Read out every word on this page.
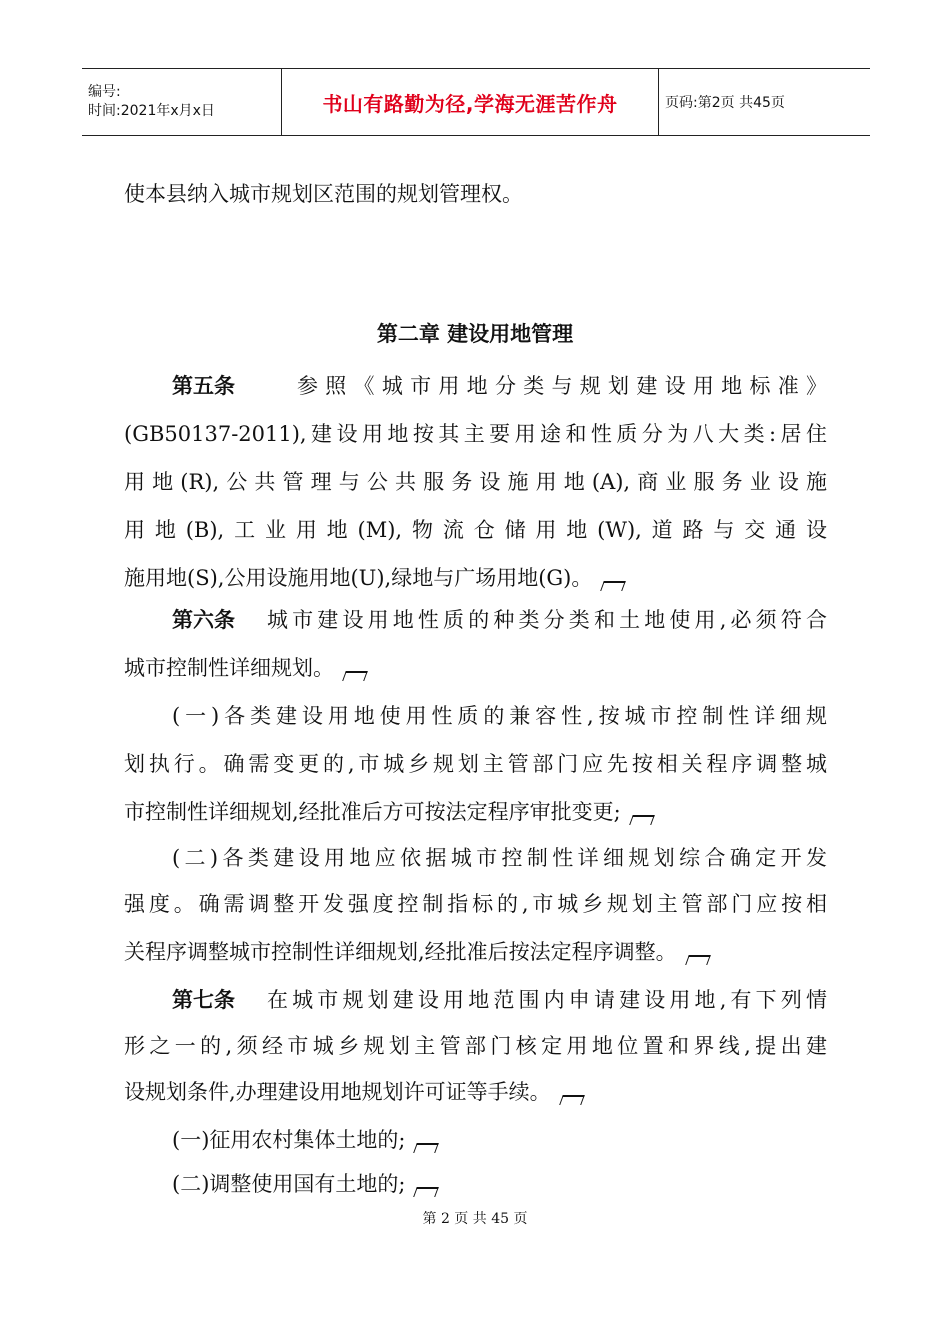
编号:
时间:2021年x月x日	书山有路勤为径,学海无涯苦作舟	页码:第2页 共45页
使本县纳入城市规划区范围的规划管理权。
第二章 建设用地管理
第五条	参照《城市用地分类与规划建设用地标准》
(GB50137-2011),建设用地按其主要用途和性质分为八大类:居住
用地(R),公共管理与公共服务设施用地(A),商业服务业设施
用地(B),工业用地(M),物流仓储用地(W),道路与交通设
施用地(S),公用设施用地(U),绿地与广场用地(G)。
第六条 城市建设用地性质的种类分类和土地使用,必须符合
城市控制性详细规划。
(一)各类建设用地使用性质的兼容性,按城市控制性详细规
划执行。确需变更的,市城乡规划主管部门应先按相关程序调整城
市控制性详细规划,经批准后方可按法定程序审批变更;
(二)各类建设用地应依据城市控制性详细规划综合确定开发
强度。确需调整开发强度控制指标的,市城乡规划主管部门应按相
关程序调整城市控制性详细规划,经批准后按法定程序调整。
第七条 在城市规划建设用地范围内申请建设用地,有下列情
形之一的,须经市城乡规划主管部门核定用地位置和界线,提出建
设规划条件,办理建设用地规划许可证等手续。
(一)征用农村集体土地的;
(二)调整使用国有土地的;
第 2 页 共 45 页
